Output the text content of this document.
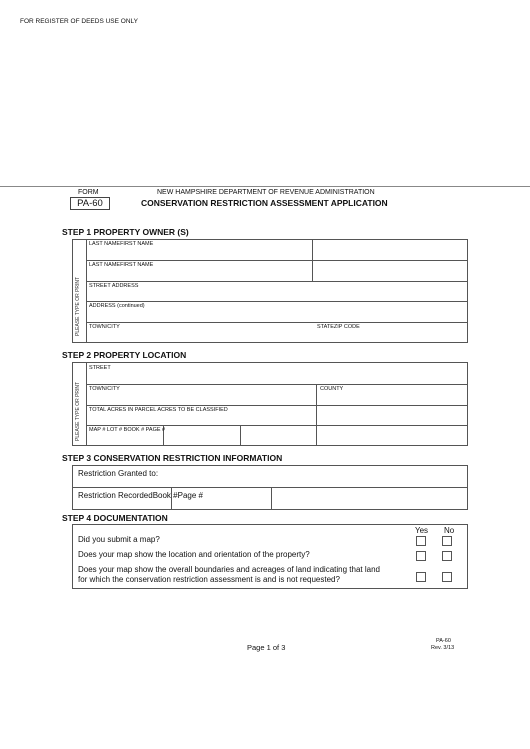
FOR REGISTER OF DEEDS USE ONLY
FORM
PA-60
NEW HAMPSHIRE DEPARTMENT OF REVENUE ADMINISTRATION
CONSERVATION RESTRICTION ASSESSMENT APPLICATION
STEP 1 PROPERTY OWNER (S)
PLEASE TYPE OR PRINT
LAST NAMEFIRST NAME
LAST NAMEFIRST NAME
STREET ADDRESS
ADDRESS (continued)
TOWN/CITY	STATEZIP CODE
STEP 2 PROPERTY LOCATION
PLEASE TYPE OR PRINT
STREET
TOWN/CITY	COUNTY
TOTAL ACRES IN PARCEL ACRES TO BE CLASSIFIED
MAP # LOT # BOOK # PAGE #
STEP 3 CONSERVATION RESTRICTION INFORMATION
Restriction Granted to:
Restriction RecordedBook #Page #
STEP 4 DOCUMENTATION
Yes No
Did you submit a map?
Does your map show the location and orientation of the property?
Does your map show the overall boundaries and acreages of land indicating that land
for which the conservation restriction assessment is and is not requested?
Page 1 of 3
PA-60
Rev. 3/13
